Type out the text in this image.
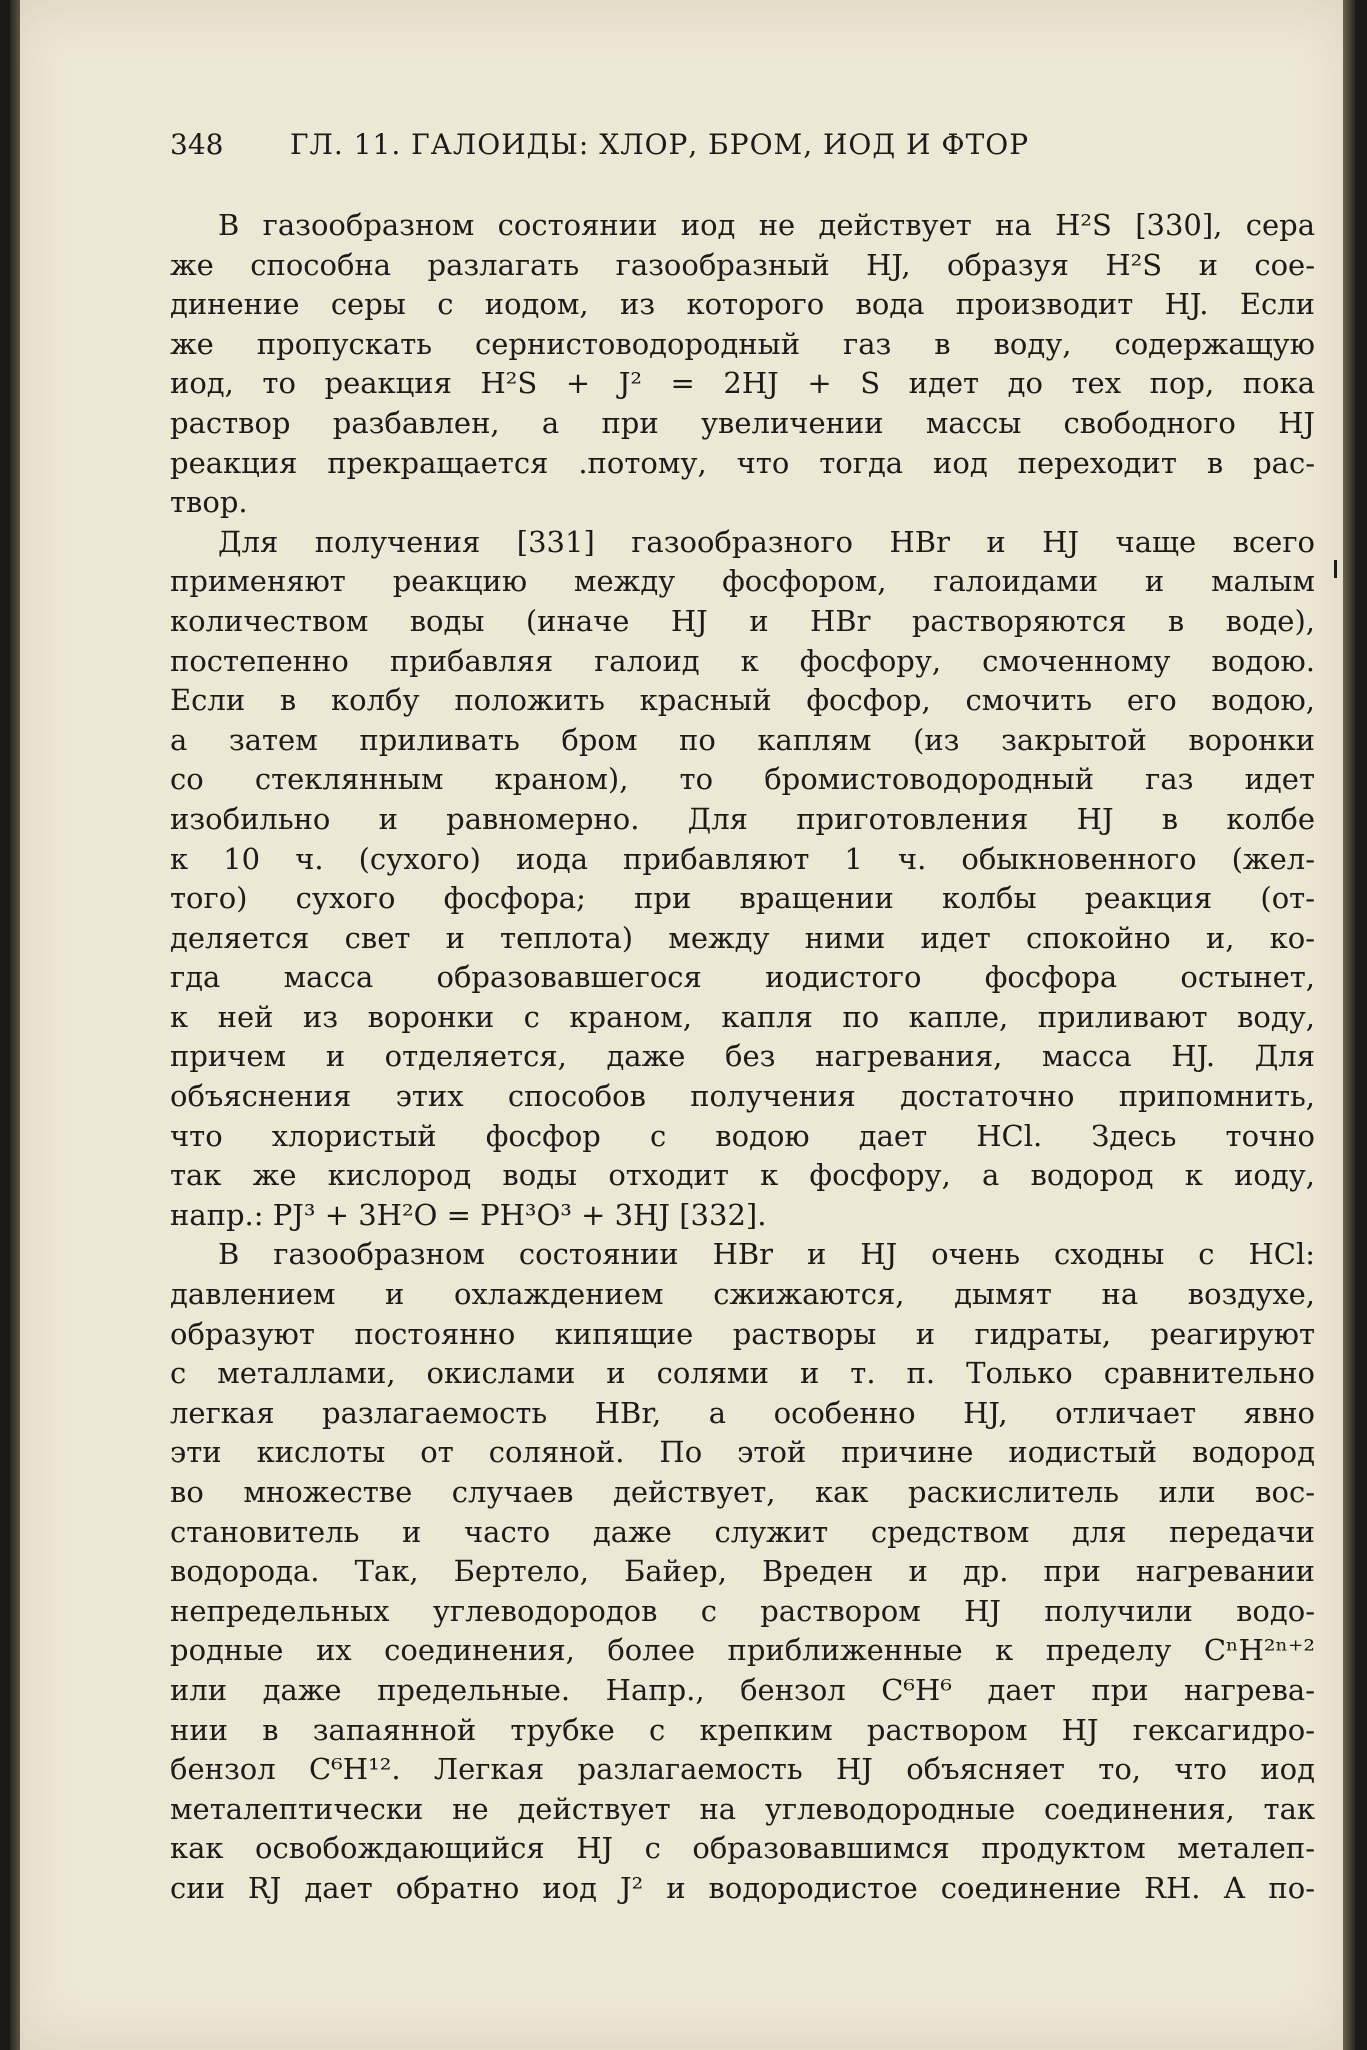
348	ГЛ. 11. ГАЛОИДЫ: ХЛОР, БРОМ, ИОД И ФТОР
В газообразном состоянии иод не действует на H²S [330], сера
же способна разлагать газообразный HJ, образуя H²S и сое-
динение серы с иодом, из которого вода производит HJ. Если
же пропускать сернистоводородный газ в воду, содержащую
иод, то реакция H²S + J² = 2HJ + S идет до тех пор, пока
раствор разбавлен, а при увеличении массы свободного HJ
реакция прекращается .потому, что тогда иод переходит в рас-
твор.
Для получения [331] газообразного HBr и HJ чаще всего
применяют реакцию между фосфором, галоидами и малым
количеством воды (иначе HJ и HBr растворяются в воде),
постепенно прибавляя галоид к фосфору, смоченному водою.
Если в колбу положить красный фосфор, смочить его водою,
а затем приливать бром по каплям (из закрытой воронки
со стеклянным краном), то бромистоводородный газ идет
изобильно и равномерно. Для приготовления HJ в колбе
к 10 ч. (сухого) иода прибавляют 1 ч. обыкновенного (жел-
того) сухого фосфора; при вращении колбы реакция (от-
деляется свет и теплота) между ними идет спокойно и, ко-
гда масса образовавшегося иодистого фосфора остынет,
к ней из воронки с краном, капля по капле, приливают воду,
причем и отделяется, даже без нагревания, масса HJ. Для
объяснения этих способов получения достаточно припомнить,
что хлористый фосфор с водою дает HCl. Здесь точно
так же кислород воды отходит к фосфору, а водород к иоду,
напр.: PJ³ + 3H²O = PH³O³ + 3HJ [332].
В газообразном состоянии HBr и HJ очень сходны с HCl:
давлением и охлаждением сжижаются, дымят на воздухе,
образуют постоянно кипящие растворы и гидраты, реагируют
с металлами, окислами и солями и т. п. Только сравнительно
легкая разлагаемость HBr, а особенно HJ, отличает явно
эти кислоты от соляной. По этой причине иодистый водород
во множестве случаев действует, как раскислитель или вос-
становитель и часто даже служит средством для передачи
водорода. Так, Бертело, Байер, Вреден и др. при нагревании
непредельных углеводородов с раствором HJ получили водо-
родные их соединения, более приближенные к пределу CⁿH²ⁿ⁺²
или даже предельные. Напр., бензол C⁶H⁶ дает при нагрева-
нии в запаянной трубке с крепким раствором HJ гексагидро-
бензол C⁶H¹². Легкая разлагаемость HJ объясняет то, что иод
металептически не действует на углеводородные соединения, так
как освобождающийся HJ с образовавшимся продуктом металеп-
сии RJ дает обратно иод J² и водородистое соединение RH. А по-
